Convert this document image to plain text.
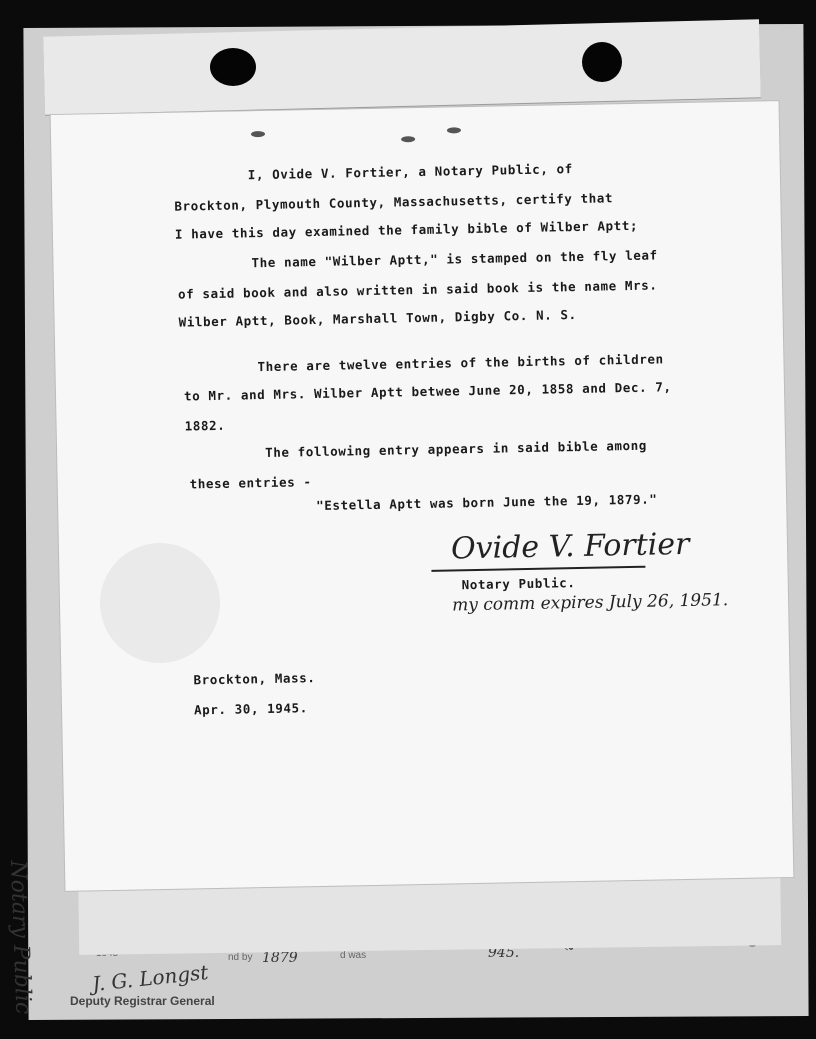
nd by	d was
1879	945.
Notary Public	J. G. Longst
Deputy Registrar General
I, Ovide V. Fortier, a Notary Public, of
Brockton, Plymouth County, Massachusetts, certify that
I have this day examined the family bible of Wilber Aptt;
The name "Wilber Aptt," is stamped on the fly leaf
of said book and also written in said book is the name Mrs.
Wilber Aptt, Book, Marshall Town, Digby Co. N. S.
There are twelve entries of the births of children
to Mr. and Mrs. Wilber Aptt betwee June 20, 1858 and Dec. 7,
1882.
The following entry appears in said bible among
these entries -
"Estella Aptt was born June the 19, 1879."
Ovide V. Fortier
Notary Public.
my comm expires July 26, 1951.
Brockton, Mass.
Apr. 30, 1945.
